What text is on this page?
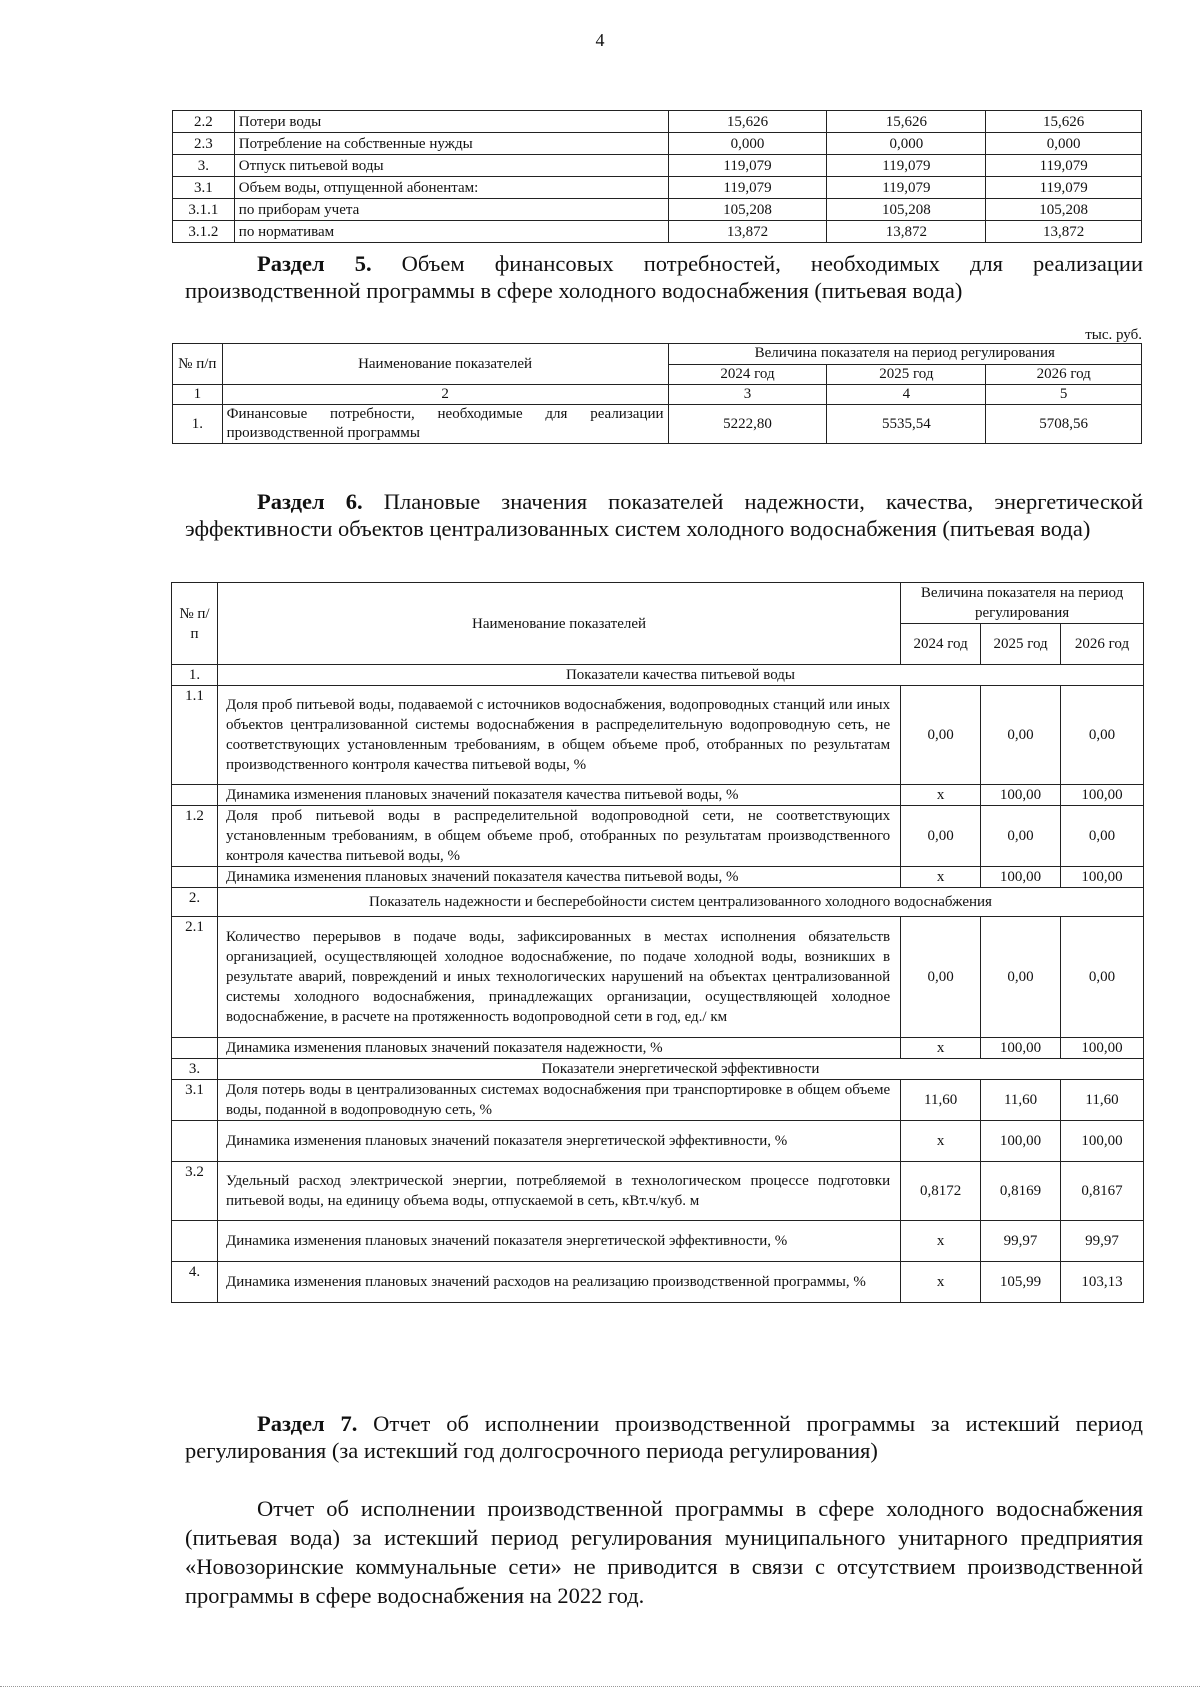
4
2.2	Потери воды	15,626	15,626	15,626
2.3	Потребление на собственные нужды	0,000	0,000	0,000
3.	Отпуск питьевой воды	119,079	119,079	119,079
3.1	Объем воды, отпущенной абонентам:	119,079	119,079	119,079
3.1.1	по приборам учета	105,208	105,208	105,208
3.1.2	по нормативам	13,872	13,872	13,872
Раздел 5. Объем финансовых потребностей, необходимых для реализации производственной программы в сфере холодного водоснабжения (питьевая вода)
тыс. руб.
№ п/п	Наименование показателей	Величина показателя на период регулирования		
		2024 год	2025 год	2026 год
1	2	3	4	5
1.	Финансовые потребности, необходимые для реализации производственной программы	5222,80	5535,54	5708,56
Раздел 6. Плановые значения показателей надежности, качества, энергетической эффективности объектов централизованных систем холодного водоснабжения (питьевая вода)
№ п/п	Наименование показателей	Величина показателя на период регулирования		
		2024 год	2025 год	2026 год

1.	Показатели качества питьевой воды			
1.1	Доля проб питьевой воды, подаваемой с источников водоснабжения, водопроводных станций или иных объектов централизованной системы водоснабжения в распределительную водопроводную сеть, не соответствующих установленным требованиям, в общем объеме проб, отобранных по результатам производственного контроля качества питьевой воды, %	0,00	0,00	0,00
	Динамика изменения плановых значений показателя качества питьевой воды, %	х	100,00	100,00
1.2	Доля проб питьевой воды в распределительной водопроводной сети, не соответствующих установленным требованиям, в общем объеме проб, отобранных по результатам производственного контроля качества питьевой воды, %	0,00	0,00	0,00
	Динамика изменения плановых значений показателя качества питьевой воды, %	х	100,00	100,00
2.	Показатель надежности и бесперебойности систем централизованного холодного водоснабжения			
2.1	Количество перерывов в подаче воды, зафиксированных в местах исполнения обязательств организацией, осуществляющей холодное водоснабжение, по подаче холодной воды, возникших в результате аварий, повреждений и иных технологических нарушений на объектах централизованной системы холодного водоснабжения, принадлежащих организации, осуществляющей холодное водоснабжение, в расчете на протяженность водопроводной сети в год, ед./ км	0,00	0,00	0,00
	Динамика изменения плановых значений показателя надежности, %	х	100,00	100,00
3.	Показатели энергетической эффективности			
3.1	Доля потерь воды в централизованных системах водоснабжения при транспортировке в общем объеме воды, поданной в водопроводную сеть, %	11,60	11,60	11,60
	Динамика изменения плановых значений показателя энергетической эффективности, %	х	100,00	100,00
3.2	Удельный расход электрической энергии, потребляемой в технологическом процессе подготовки питьевой воды, на единицу объема воды, отпускаемой в сеть, кВт.ч/куб. м	0,8172	0,8169	0,8167
	Динамика изменения плановых значений показателя энергетической эффективности, %	х	99,97	99,97
4.	Динамика изменения плановых значений расходов на реализацию производственной программы, %	х	105,99	103,13
Раздел 7. Отчет об исполнении производственной программы за истекший период регулирования (за истекший год долгосрочного периода регулирования)
Отчет об исполнении производственной программы в сфере холодного водоснабжения (питьевая вода) за истекший период регулирования муниципального унитарного предприятия «Новозоринские коммунальные сети» не приводится в связи с отсутствием производственной программы в сфере водоснабжения на 2022 год.
